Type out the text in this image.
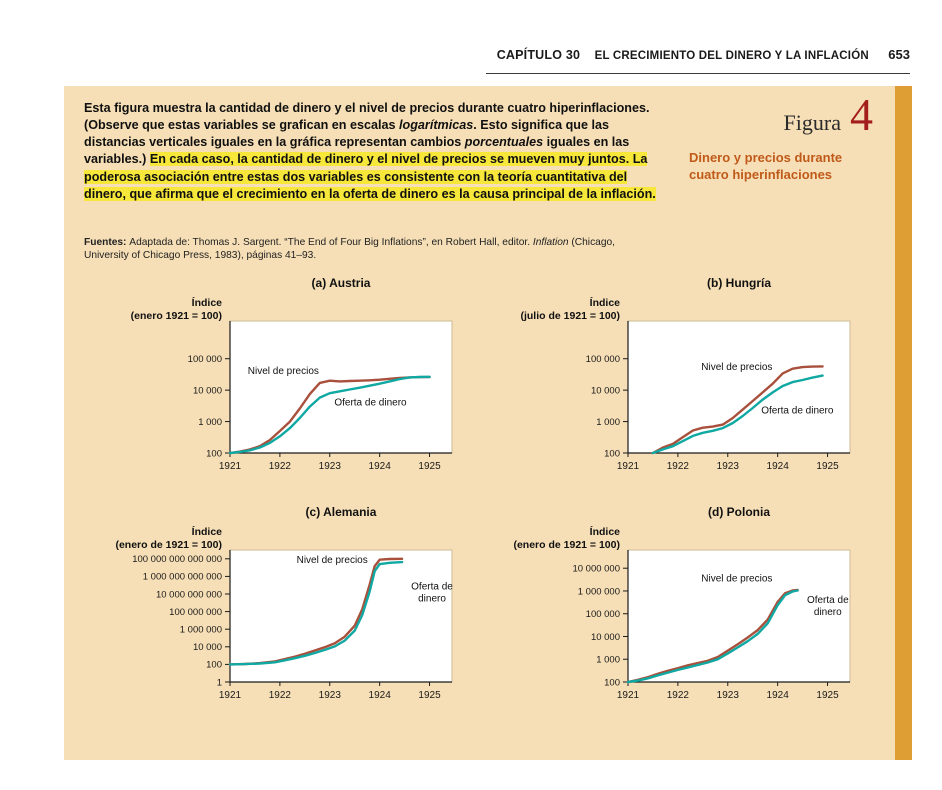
CAPÍTULO 30 EL CRECIMIENTO DEL DINERO Y LA INFLACIÓN 653
Esta figura muestra la cantidad de dinero y el nivel de precios durante cuatro hiperinflaciones. (Observe que estas variables se grafican en escalas logarítmicas. Esto significa que las distancias verticales iguales en la gráfica representan cambios porcentuales iguales en las variables.) En cada caso, la cantidad de dinero y el nivel de precios se mueven muy juntos. La poderosa asociación entre estas dos variables es consistente con la teoría cuantitativa del dinero, que afirma que el crecimiento en la oferta de dinero es la causa principal de la inflación.
Fuentes: Adaptada de: Thomas J. Sargent. “The End of Four Big Inflations”, en Robert Hall, editor. Inflation (Chicago, University of Chicago Press, 1983), páginas 41–93.
Figura 4
Dinero y precios durante cuatro hiperinflaciones
(a) Austria
100 000
10 000
1 000
100
1921	1922	1923	1924	1925
Nivel de precios
Oferta de dinero
Índice
(enero 1921 = 100)
(b) Hungría
100 000
10 000
1 000
100
1921	1922	1923	1924	1925
Nivel de precios
Oferta de dinero
Índice
(julio de 1921 = 100)
(c) Alemania
100 000 000 000 000
1 000 000 000 000
10 000 000 000
100 000 000
1 000 000
10 000
100
1
1921	1922	1923	1924	1925
Nivel de precios
Oferta de
dinero
Índice
(enero de 1921 = 100)
(d) Polonia
10 000 000
1 000 000
100 000
10 000
1 000
100
1921	1922	1923	1924	1925
Nivel de precios
Oferta de
dinero
Índice
(enero de 1921 = 100)
